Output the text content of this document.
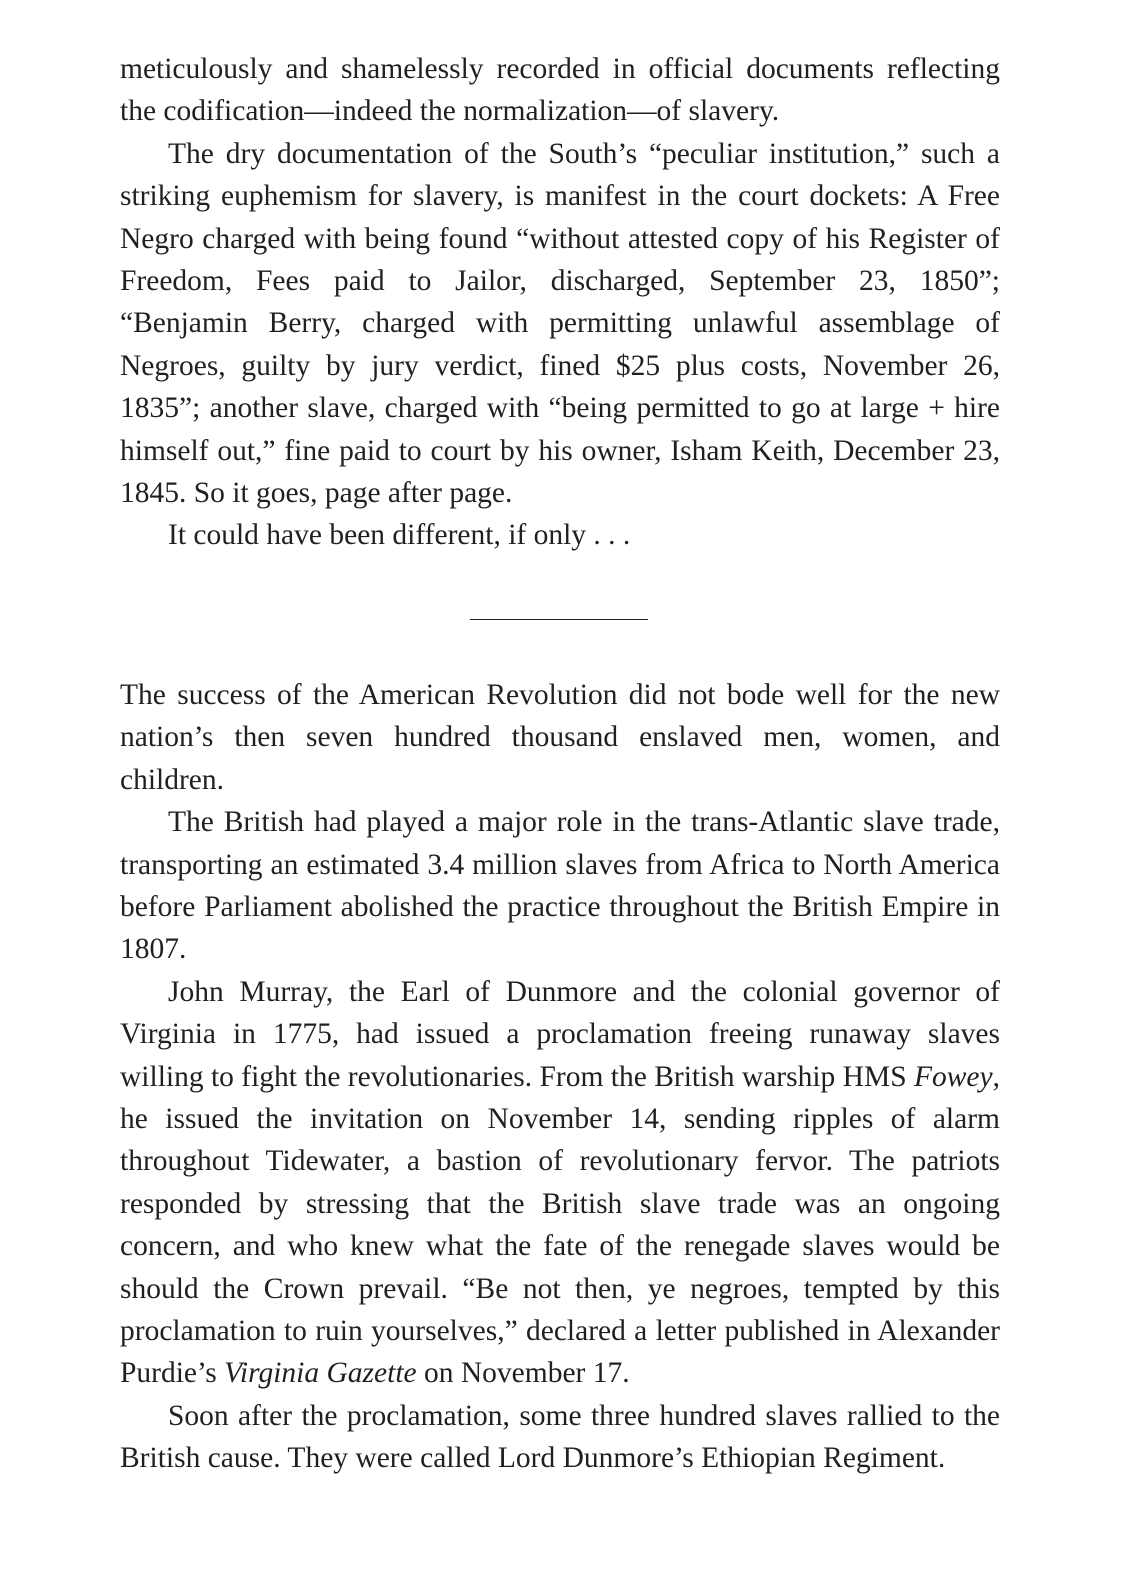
meticulously and shamelessly recorded in official documents reflecting the codification—indeed the normalization—of slavery.

The dry documentation of the South’s “peculiar institution,” such a striking euphemism for slavery, is manifest in the court dockets: A Free Negro charged with being found “without attested copy of his Register of Freedom, Fees paid to Jailor, discharged, September 23, 1850”; “Benjamin Berry, charged with permitting unlawful assemblage of Negroes, guilty by jury verdict, fined $25 plus costs, November 26, 1835”; another slave, charged with “being permitted to go at large + hire himself out,” fine paid to court by his owner, Isham Keith, December 23, 1845. So it goes, page after page.

It could have been different, if only . . .

The success of the American Revolution did not bode well for the new nation’s then seven hundred thousand enslaved men, women, and children.

The British had played a major role in the trans-Atlantic slave trade, transporting an estimated 3.4 million slaves from Africa to North America before Parliament abolished the practice throughout the British Empire in 1807.

John Murray, the Earl of Dunmore and the colonial governor of Virginia in 1775, had issued a proclamation freeing runaway slaves willing to fight the revolutionaries. From the British warship HMS Fowey, he issued the invitation on November 14, sending ripples of alarm throughout Tidewater, a bastion of revolutionary fervor. The patriots responded by stressing that the British slave trade was an ongoing concern, and who knew what the fate of the renegade slaves would be should the Crown prevail. “Be not then, ye negroes, tempted by this proclamation to ruin yourselves,” declared a letter published in Alexander Purdie’s Virginia Gazette on November 17.

Soon after the proclamation, some three hundred slaves rallied to the British cause. They were called Lord Dunmore’s Ethiopian Regiment.
